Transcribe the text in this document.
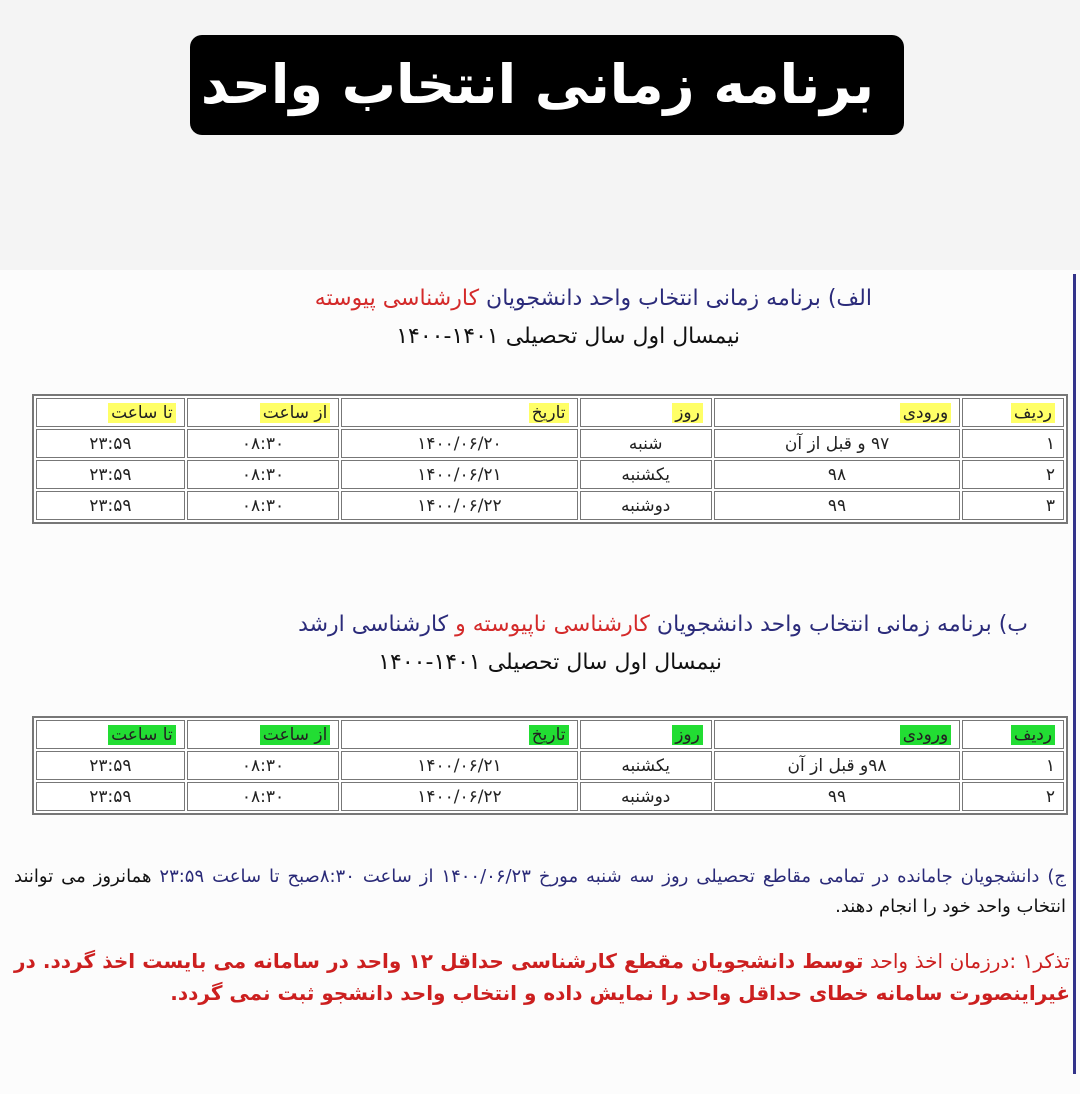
برنامه زمانی انتخاب واحد
الف) برنامه زمانی انتخاب واحد دانشجویان کارشناسی پیوسته
نیمسال اول سال تحصیلی ۱۴۰۱-۱۴۰۰
ردیف	ورودی	روز	تاریخ	از ساعت	تا ساعت
۱	۹۷ و قبل از آن	شنبه	۱۴۰۰/۰۶/۲۰	۰۸:۳۰	۲۳:۵۹
۲	۹۸	یکشنبه	۱۴۰۰/۰۶/۲۱	۰۸:۳۰	۲۳:۵۹
۳	۹۹	دوشنبه	۱۴۰۰/۰۶/۲۲	۰۸:۳۰	۲۳:۵۹
ب) برنامه زمانی انتخاب واحد دانشجویان کارشناسی ناپیوسته و کارشناسی ارشد
نیمسال اول سال تحصیلی ۱۴۰۱-۱۴۰۰
ردیف	ورودی	روز	تاریخ	از ساعت	تا ساعت
۱	۹۸و قبل از آن	یکشنبه	۱۴۰۰/۰۶/۲۱	۰۸:۳۰	۲۳:۵۹
۲	۹۹	دوشنبه	۱۴۰۰/۰۶/۲۲	۰۸:۳۰	۲۳:۵۹
ج) دانشجویان جامانده در تمامی مقاطع تحصیلی روز سه شنبه مورخ ۱۴۰۰/۰۶/۲۳ از ساعت ۸:۳۰صبح تا ساعت ۲۳:۵۹ همانروز می توانند انتخاب واحد خود را انجام دهند.
تذکر۱ :درزمان اخذ واحد توسط دانشجویان مقطع کارشناسی حداقل ۱۲ واحد در سامانه می بایست اخذ گردد. در غیراینصورت سامانه خطای حداقل واحد را نمایش داده و انتخاب واحد دانشجو ثبت نمی گردد.
